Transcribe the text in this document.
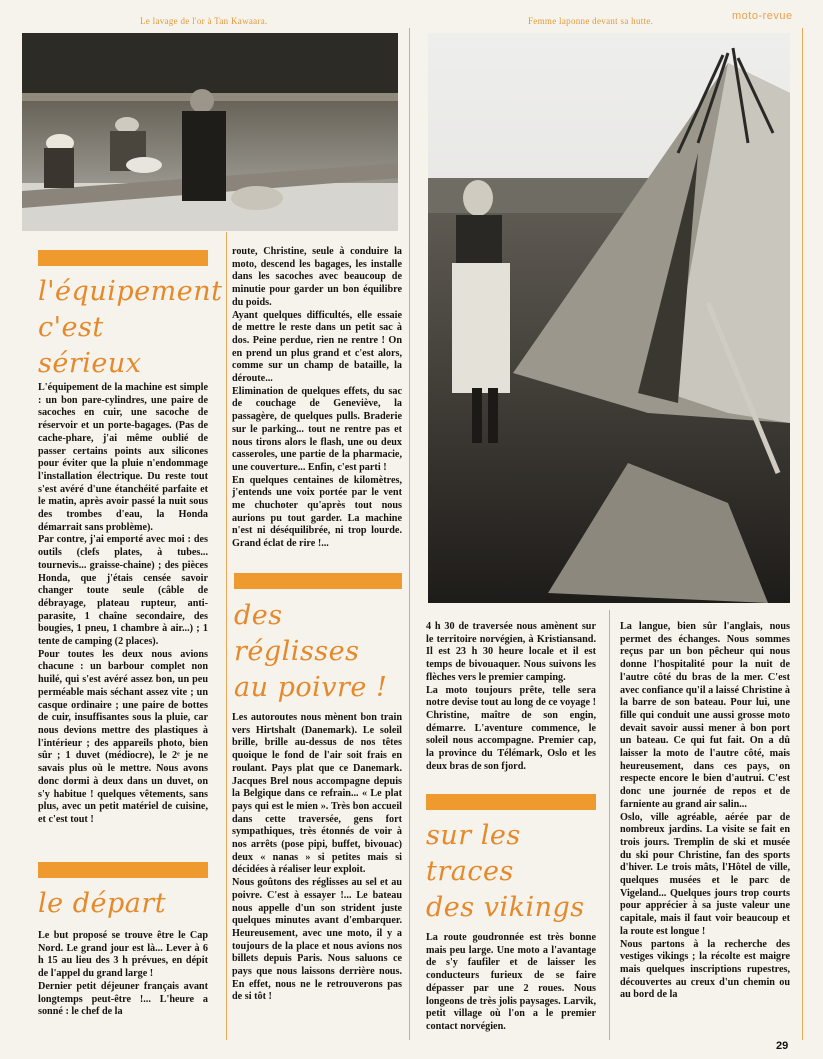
Le lavage de l'or à Tan Kawaara.	Femme laponne devant sa hutte.	moto-revue
l'équipement
c'est
sérieux
le départ
des
réglisses
au poivre !
sur les
traces
des vikings

L'équipement de la machine est simple : un bon pare-cylindres, une paire de sacoches en cuir, une sacoche de réservoir et un porte-bagages. (Pas de cache-phare, j'ai même oublié de passer certains points aux silicones pour éviter que la pluie n'endommage l'installation électrique. Du reste tout s'est avéré d'une étanchéité parfaite et le matin, après avoir passé la nuit sous des trombes d'eau, la Honda démarrait sans problème).

Par contre, j'ai emporté avec moi : des outils (clefs plates, à tubes... tournevis... graisse-chaine) ; des pièces Honda, que j'étais censée savoir changer toute seule (câble de débrayage, plateau rupteur, anti-parasite, 1 chaîne secondaire, des bougies, 1 pneu, 1 chambre à air...) ; 1 tente de camping (2 places).

Pour toutes les deux nous avions chacune : un barbour complet non huilé, qui s'est avéré assez bon, un peu perméable mais séchant assez vite ; un casque ordinaire ; une paire de bottes de cuir, insuffisantes sous la pluie, car nous devions mettre des plastiques à l'intérieur ; des appareils photo, bien sûr ; 1 duvet (médiocre), le 2ᵉ je ne savais plus où le mettre. Nous avons donc dormi à deux dans un duvet, on s'y habitue ! quelques vêtements, sans plus, avec un petit matériel de cuisine, et c'est tout !

Le but proposé se trouve être le Cap Nord. Le grand jour est là... Lever à 6 h 15 au lieu des 3 h prévues, en dépit de l'appel du grand large !

Dernier petit déjeuner français avant longtemps peut-être !... L'heure a sonné : le chef de la

route, Christine, seule à conduire la moto, descend les bagages, les installe dans les sacoches avec beaucoup de minutie pour garder un bon équilibre du poids.

Ayant quelques difficultés, elle essaie de mettre le reste dans un petit sac à dos. Peine perdue, rien ne rentre ! On en prend un plus grand et c'est alors, comme sur un champ de bataille, la déroute...

Elimination de quelques effets, du sac de couchage de Geneviève, la passagère, de quelques pulls. Braderie sur le parking... tout ne rentre pas et nous tirons alors le flash, une ou deux casseroles, une partie de la pharmacie, une couverture... Enfin, c'est parti !

En quelques centaines de kilomètres, j'entends une voix portée par le vent me chuchoter qu'après tout nous aurions pu tout garder. La machine n'est ni déséquilibrée, ni trop lourde. Grand éclat de rire !...

Les autoroutes nous mènent bon train vers Hirtshalt (Danemark). Le soleil brille, brille au-dessus de nos têtes quoique le fond de l'air soit frais en roulant. Pays plat que ce Danemark. Jacques Brel nous accompagne depuis la Belgique dans ce refrain... « Le plat pays qui est le mien ». Très bon accueil dans cette traversée, gens fort sympathiques, très étonnés de voir à nos arrêts (pose pipi, buffet, bivouac) deux « nanas » si petites mais si décidées à réaliser leur exploit.

Nous goûtons des réglisses au sel et au poivre. C'est à essayer !... Le bateau nous appelle d'un son strident juste quelques minutes avant d'embarquer. Heureusement, avec une moto, il y a toujours de la place et nous avions nos billets depuis Paris. Nous saluons ce pays que nous laissons derrière nous. En effet, nous ne le retrouverons pas de si tôt !

4 h 30 de traversée nous amènent sur le territoire norvégien, à Kristiansand. Il est 23 h 30 heure locale et il est temps de bivouaquer. Nous suivons les flèches vers le premier camping.

La moto toujours prête, telle sera notre devise tout au long de ce voyage ! Christine, maître de son engin, démarre. L'aventure commence, le soleil nous accompagne. Premier cap, la province du Télémark, Oslo et les deux bras de son fjord.

La route goudronnée est très bonne mais peu large. Une moto a l'avantage de s'y faufiler et de laisser les conducteurs furieux de se faire dépasser par une 2 roues. Nous longeons de très jolis paysages. Larvik, petit village où l'on a le premier contact norvégien.

La langue, bien sûr l'anglais, nous permet des échanges. Nous sommes reçus par un bon pêcheur qui nous donne l'hospitalité pour la nuit de l'autre côté du bras de la mer. C'est avec confiance qu'il a laissé Christine à la barre de son bateau. Pour lui, une fille qui conduit une aussi grosse moto devait savoir aussi mener à bon port un bateau. Ce qui fut fait. On a dû laisser la moto de l'autre côté, mais heureusement, dans ces pays, on respecte encore le bien d'autrui. C'est donc une journée de repos et de farniente au grand air salin...

Oslo, ville agréable, aérée par de nombreux jardins. La visite se fait en trois jours. Tremplin de ski et musée du ski pour Christine, fan des sports d'hiver. Le trois mâts, l'Hôtel de ville, quelques musées et le parc de Vigeland... Quelques jours trop courts pour apprécier à sa juste valeur une capitale, mais il faut voir beaucoup et la route est longue !

Nous partons à la recherche des vestiges vikings ; la récolte est maigre mais quelques inscriptions rupestres, découvertes au creux d'un chemin ou au bord de la

29
